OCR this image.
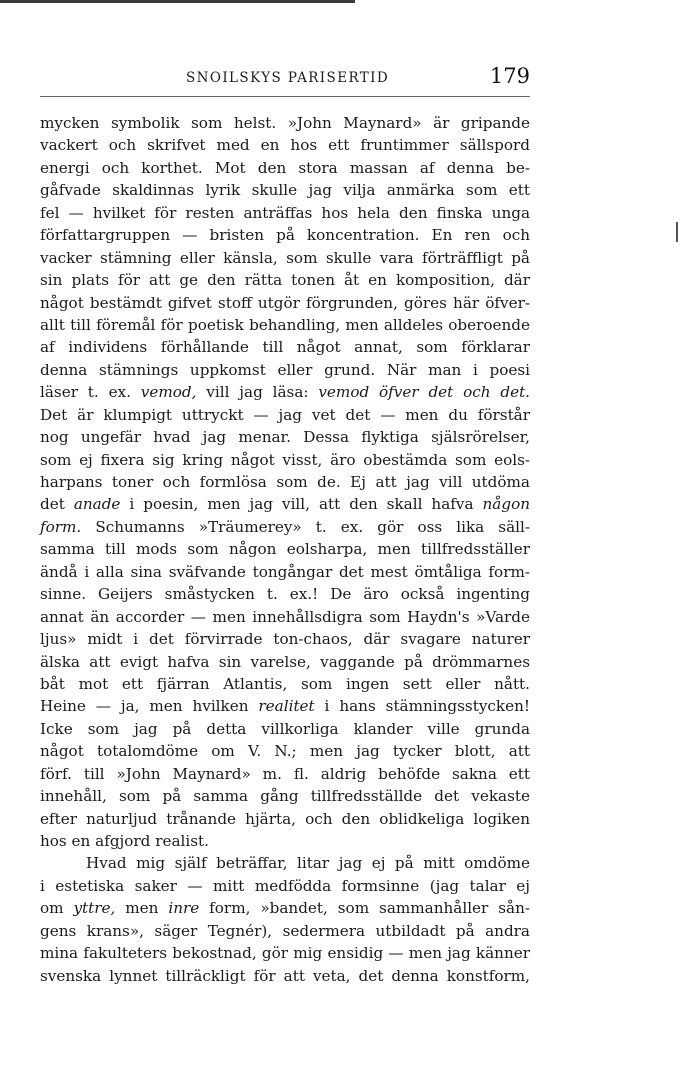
SNOILSKYS PARISERTID	179
mycken symbolik som helst. »John Maynard» är gripande
vackert och skrifvet med en hos ett fruntimmer sällspord
energi och korthet. Mot den stora massan af denna be-
gåfvade skaldinnas lyrik skulle jag vilja anmärka som ett
fel — hvilket för resten anträffas hos hela den finska unga
författargruppen — bristen på koncentration. En ren och
vacker stämning eller känsla, som skulle vara förträffligt på
sin plats för att ge den rätta tonen åt en komposition, där
något bestämdt gifvet stoff utgör förgrunden, göres här öfver-
allt till föremål för poetisk behandling, men alldeles oberoende
af individens förhållande till något annat, som förklarar
denna stämnings uppkomst eller grund. När man i poesi
läser t. ex. vemod, vill jag läsa: vemod öfver det och det.
Det är klumpigt uttryckt — jag vet det — men du förstår
nog ungefär hvad jag menar. Dessa flyktiga själsrörelser,
som ej fixera sig kring något visst, äro obestämda som eols-
harpans toner och formlösa som de. Ej att jag vill utdöma
det anade i poesin, men jag vill, att den skall hafva någon
form. Schumanns »Träumerey» t. ex. gör oss lika säll-
samma till mods som någon eolsharpa, men tillfredsställer
ändå i alla sina sväfvande tongångar det mest ömtåliga form-
sinne. Geijers småstycken t. ex.! De äro också ingenting
annat än accorder — men innehållsdigra som Haydn's »Varde
ljus» midt i det förvirrade ton-chaos, där svagare naturer
älska att evigt hafva sin varelse, vaggande på drömmarnes
båt mot ett fjärran Atlantis, som ingen sett eller nått.
Heine — ja, men hvilken realitet i hans stämningsstycken!
Icke som jag på detta villkorliga klander ville grunda
något totalomdöme om V. N.; men jag tycker blott, att
förf. till »John Maynard» m. fl. aldrig behöfde sakna ett
innehåll, som på samma gång tillfredsställde det vekaste
efter naturljud trånande hjärta, och den oblidkeliga logiken
hos en afgjord realist.
Hvad mig själf beträffar, litar jag ej på mitt omdöme
i estetiska saker — mitt medfödda formsinne (jag talar ej
om yttre, men inre form, »bandet, som sammanhåller sån-
gens krans», säger Tegnér), sedermera utbildadt på andra
mina fakulteters bekostnad, gör mig ensidig — men jag känner
svenska lynnet tillräckligt för att veta, det denna konstform,
